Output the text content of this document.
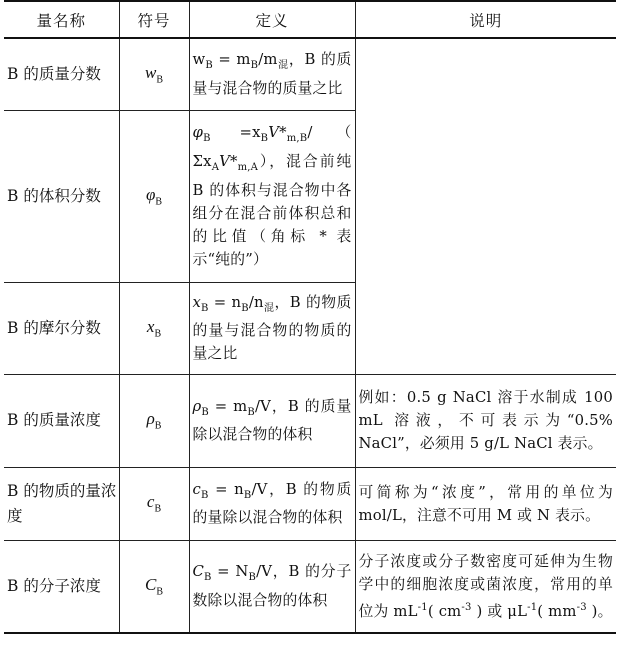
量名称	符号	定义	说明
B 的质量分数	$w_B$	$w_B = m_B/m_混$，B 的质量与混合物的质量之比	
B 的体积分数	$\varphi_B$	$\varphi_B =x_BV*_{m,B}/$（ $\Sigma x_AV*_{m,A}$），混合前纯 B 的体积与混合物中各组分在混合前体积总和的比值（角标 * 表示“纯的”）	
B 的摩尔分数	$x_B$	$x_B = n_B/n_混$，B 的物质的量与混合物的物质的量之比	
B 的质量浓度	$\rho_B$	$\rho_B = m_B/V$，B 的质量除以混合物的体积	例如：0.5 g NaCl 溶于水制成 100 mL 溶液，不可表示为“0.5% NaCl”，必须用 5 g/L NaCl 表示。
B 的物质的量浓度	$c_B$	$c_B = n_B/V$，B 的物质的量除以混合物的体积	可简称为“浓度”，常用的单位为 mol/L，注意不可用 M 或 N 表示。
B 的分子浓度	$C_B$	$C_B = N_B/V$，B 的分子数除以混合物的体积	分子浓度或分子数密度可延伸为生物学中的细胞浓度或菌浓度，常用的单位为 $mL^{-1}$( $cm^{-3}$ ) 或 $\mu L^{-1}$( $mm^{-3}$ )。
